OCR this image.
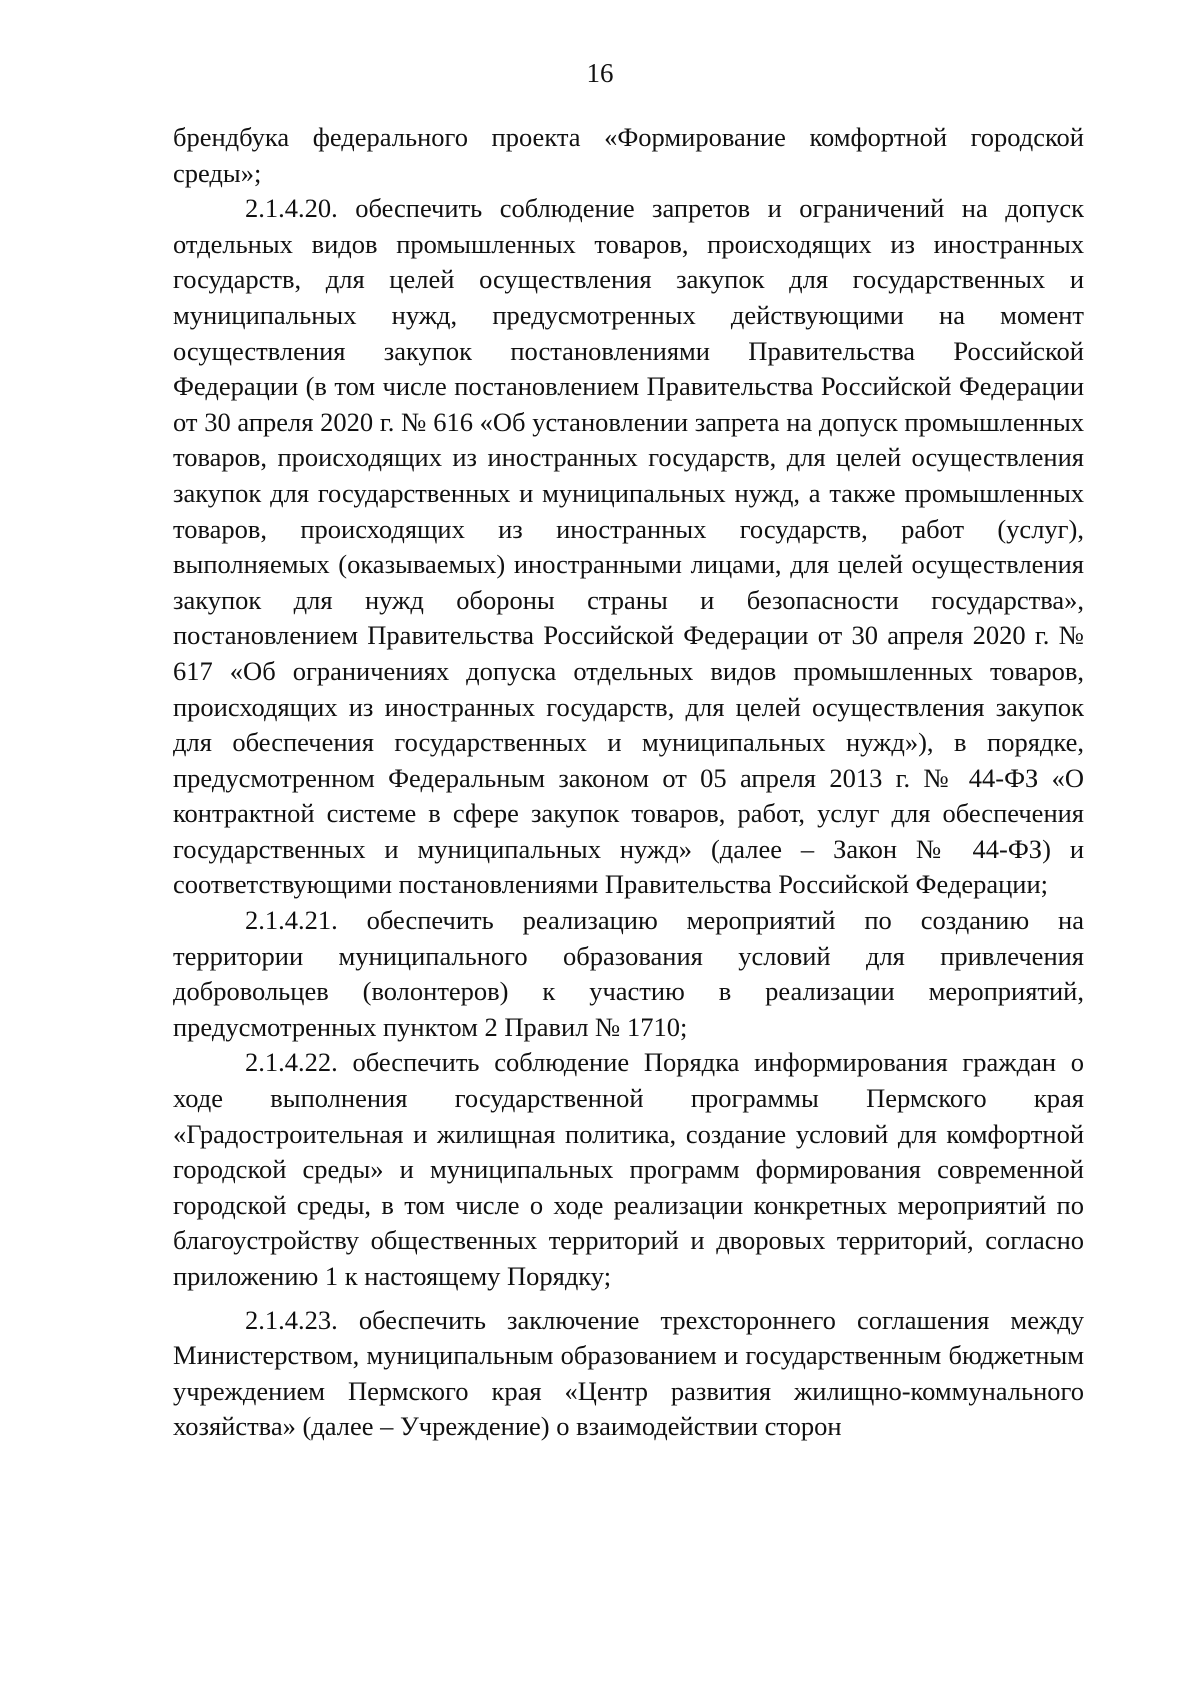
16

брендбука федерального проекта «Формирование комфортной городской среды»;

2.1.4.20. обеспечить соблюдение запретов и ограничений на допуск отдельных видов промышленных товаров, происходящих из иностранных государств, для целей осуществления закупок для государственных и муниципальных нужд, предусмотренных действующими на момент осуществления закупок постановлениями Правительства Российской Федерации (в том числе постановлением Правительства Российской Федерации от 30 апреля 2020 г. № 616 «Об установлении запрета на допуск промышленных товаров, происходящих из иностранных государств, для целей осуществления закупок для государственных и муниципальных нужд, а также промышленных товаров, происходящих из иностранных государств, работ (услуг), выполняемых (оказываемых) иностранными лицами, для целей осуществления закупок для нужд обороны страны и безопасности государства», постановлением Правительства Российской Федерации от 30 апреля 2020 г. № 617 «Об ограничениях допуска отдельных видов промышленных товаров, происходящих из иностранных государств, для целей осуществления закупок для обеспечения государственных и муниципальных нужд»), в порядке, предусмотренном Федеральным законом от 05 апреля 2013 г. № 44-ФЗ «О контрактной системе в сфере закупок товаров, работ, услуг для обеспечения государственных и муниципальных нужд» (далее – Закон № 44-ФЗ) и соответствующими постановлениями Правительства Российской Федерации;

2.1.4.21. обеспечить реализацию мероприятий по созданию на территории муниципального образования условий для привлечения добровольцев (волонтеров) к участию в реализации мероприятий, предусмотренных пунктом 2 Правил № 1710;

2.1.4.22. обеспечить соблюдение Порядка информирования граждан о ходе выполнения государственной программы Пермского края «Градостроительная и жилищная политика, создание условий для комфортной городской среды» и муниципальных программ формирования современной городской среды, в том числе о ходе реализации конкретных мероприятий по благоустройству общественных территорий и дворовых территорий, согласно приложению 1 к настоящему Порядку;

2.1.4.23. обеспечить заключение трехстороннего соглашения между Министерством, муниципальным образованием и государственным бюджетным учреждением Пермского края «Центр развития жилищно-коммунального хозяйства» (далее – Учреждение) о взаимодействии сторон
